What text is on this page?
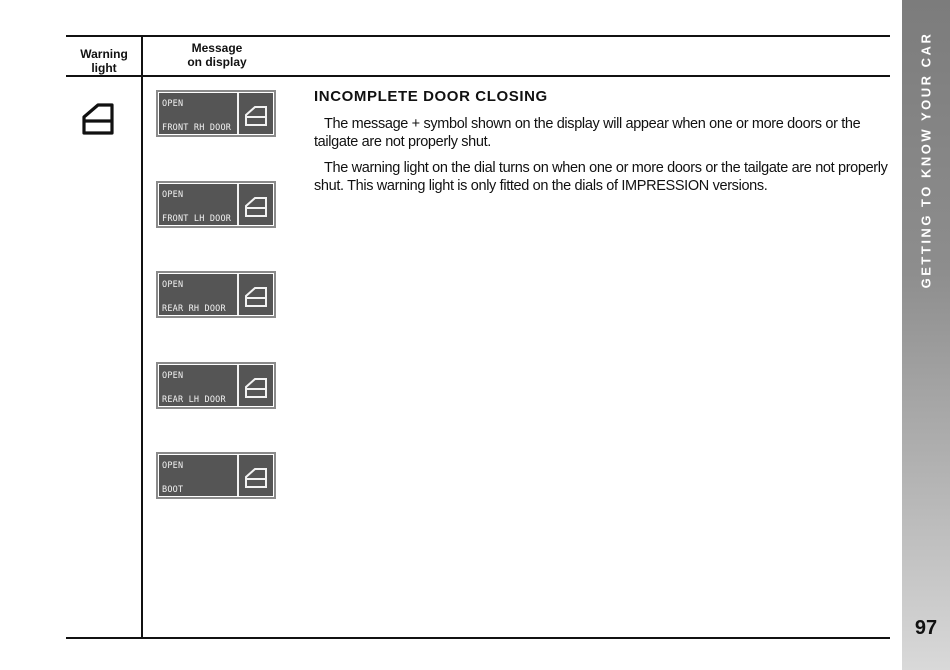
Warning light
Message
on display
OPEN
FRONT RH DOOR
OPEN
FRONT LH DOOR
OPEN
REAR RH DOOR
OPEN
REAR LH DOOR
OPEN
BOOT
INCOMPLETE DOOR CLOSING

The message + symbol shown on the display will appear when one or more doors or the tailgate are not properly shut.

The warning light on the dial turns on when one or more doors or the tailgate are not properly shut. This warning light is only fitted on the dials of IMPRESSION versions.	GETTING TO KNOW YOUR CAR
97
